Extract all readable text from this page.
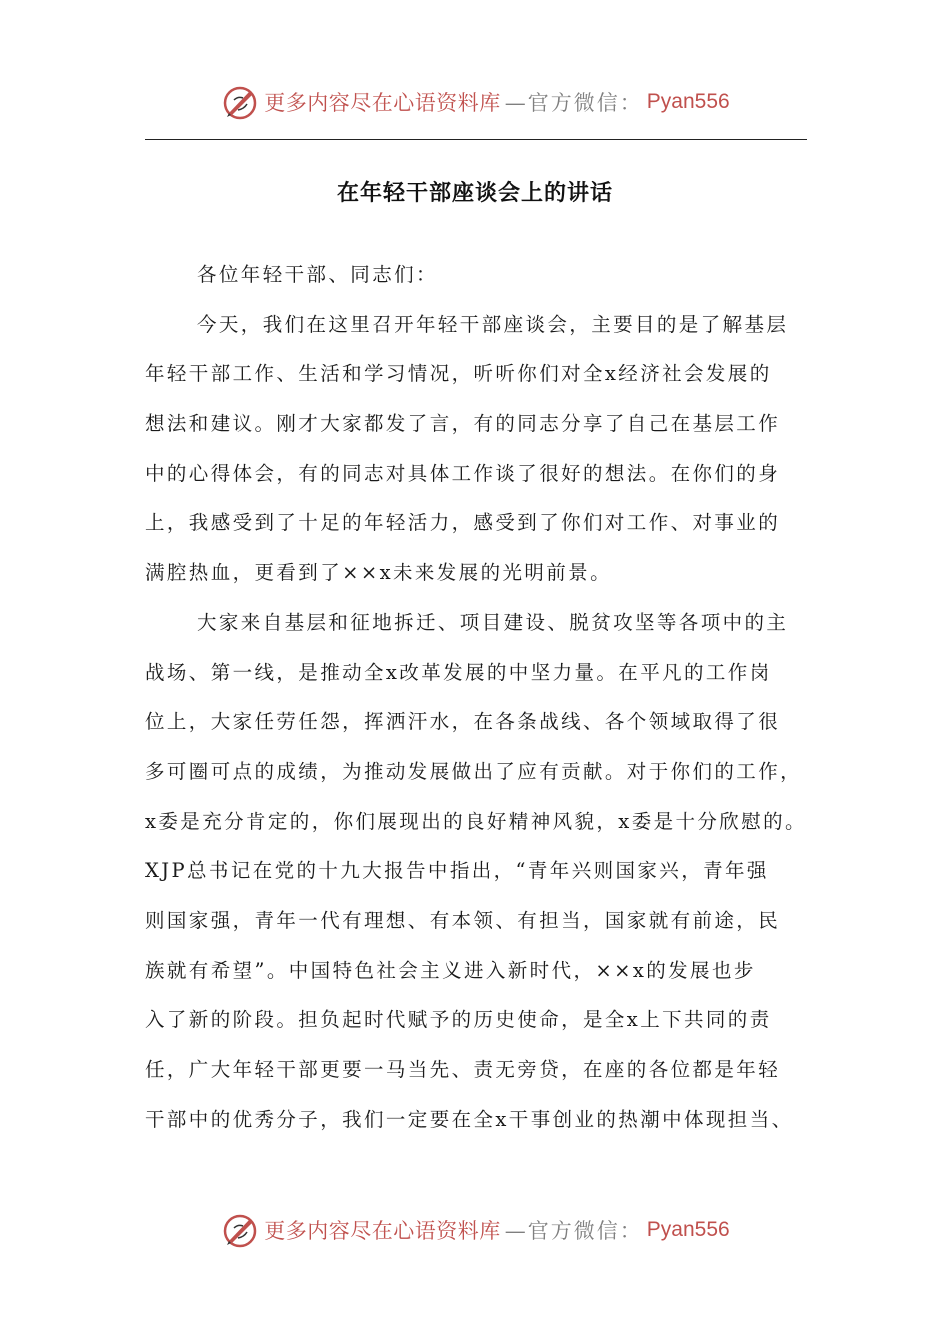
更多内容尽在心语资料库 —官方微信： Pyan556
在年轻干部座谈会上的讲话
各位年轻干部、同志们：
今天，我们在这里召开年轻干部座谈会，主要目的是了解基层
年轻干部工作、生活和学习情况，听听你们对全x经济社会发展的
想法和建议。刚才大家都发了言，有的同志分享了自己在基层工作
中的心得体会，有的同志对具体工作谈了很好的想法。在你们的身
上，我感受到了十足的年轻活力，感受到了你们对工作、对事业的
满腔热血，更看到了××x未来发展的光明前景。
大家来自基层和征地拆迁、项目建设、脱贫攻坚等各项中的主
战场、第一线，是推动全x改革发展的中坚力量。在平凡的工作岗
位上，大家任劳任怨，挥洒汗水，在各条战线、各个领域取得了很
多可圈可点的成绩，为推动发展做出了应有贡献。对于你们的工作，
x委是充分肯定的，你们展现出的良好精神风貌，x委是十分欣慰的。
XJP总书记在党的十九大报告中指出，“青年兴则国家兴，青年强
则国家强，青年一代有理想、有本领、有担当，国家就有前途，民
族就有希望”。中国特色社会主义进入新时代，××x的发展也步
入了新的阶段。担负起时代赋予的历史使命，是全x上下共同的责
任，广大年轻干部更要一马当先、责无旁贷，在座的各位都是年轻
干部中的优秀分子，我们一定要在全x干事创业的热潮中体现担当、
更多内容尽在心语资料库 —官方微信： Pyan556
